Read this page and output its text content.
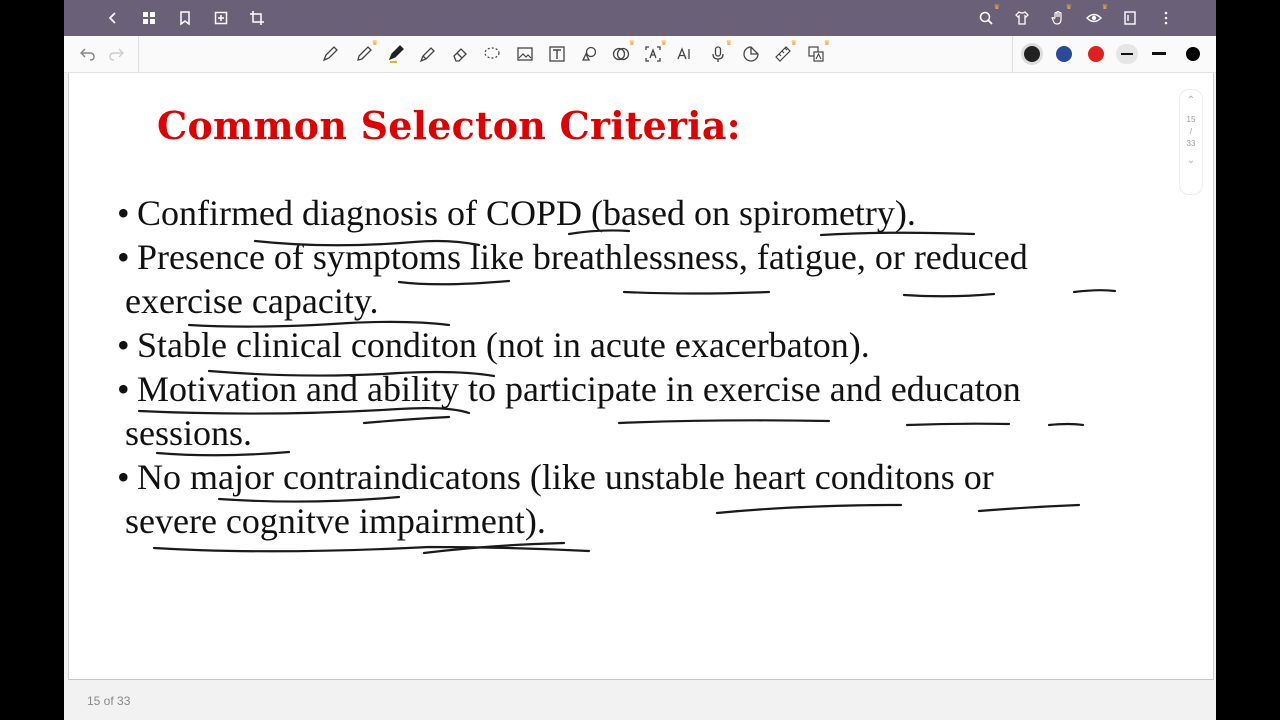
♛	♛	♛
♛	♛	♛	♛	♛	♛
Common Selecton Criteria:
• Confirmed diagnosis of COPD (based on spirometry).
• Presence of symptoms like breathlessness, fatigue, or reduced
exercise capacity.
• Stable clinical conditon (not in acute exacerbaton).
• Motivation and ability to participate in exercise and educaton
sessions.
• No major contraindicatons (like unstable heart conditons or
severe cognitve impairment).
⌃
15
/
33
⌄
15 of 33
